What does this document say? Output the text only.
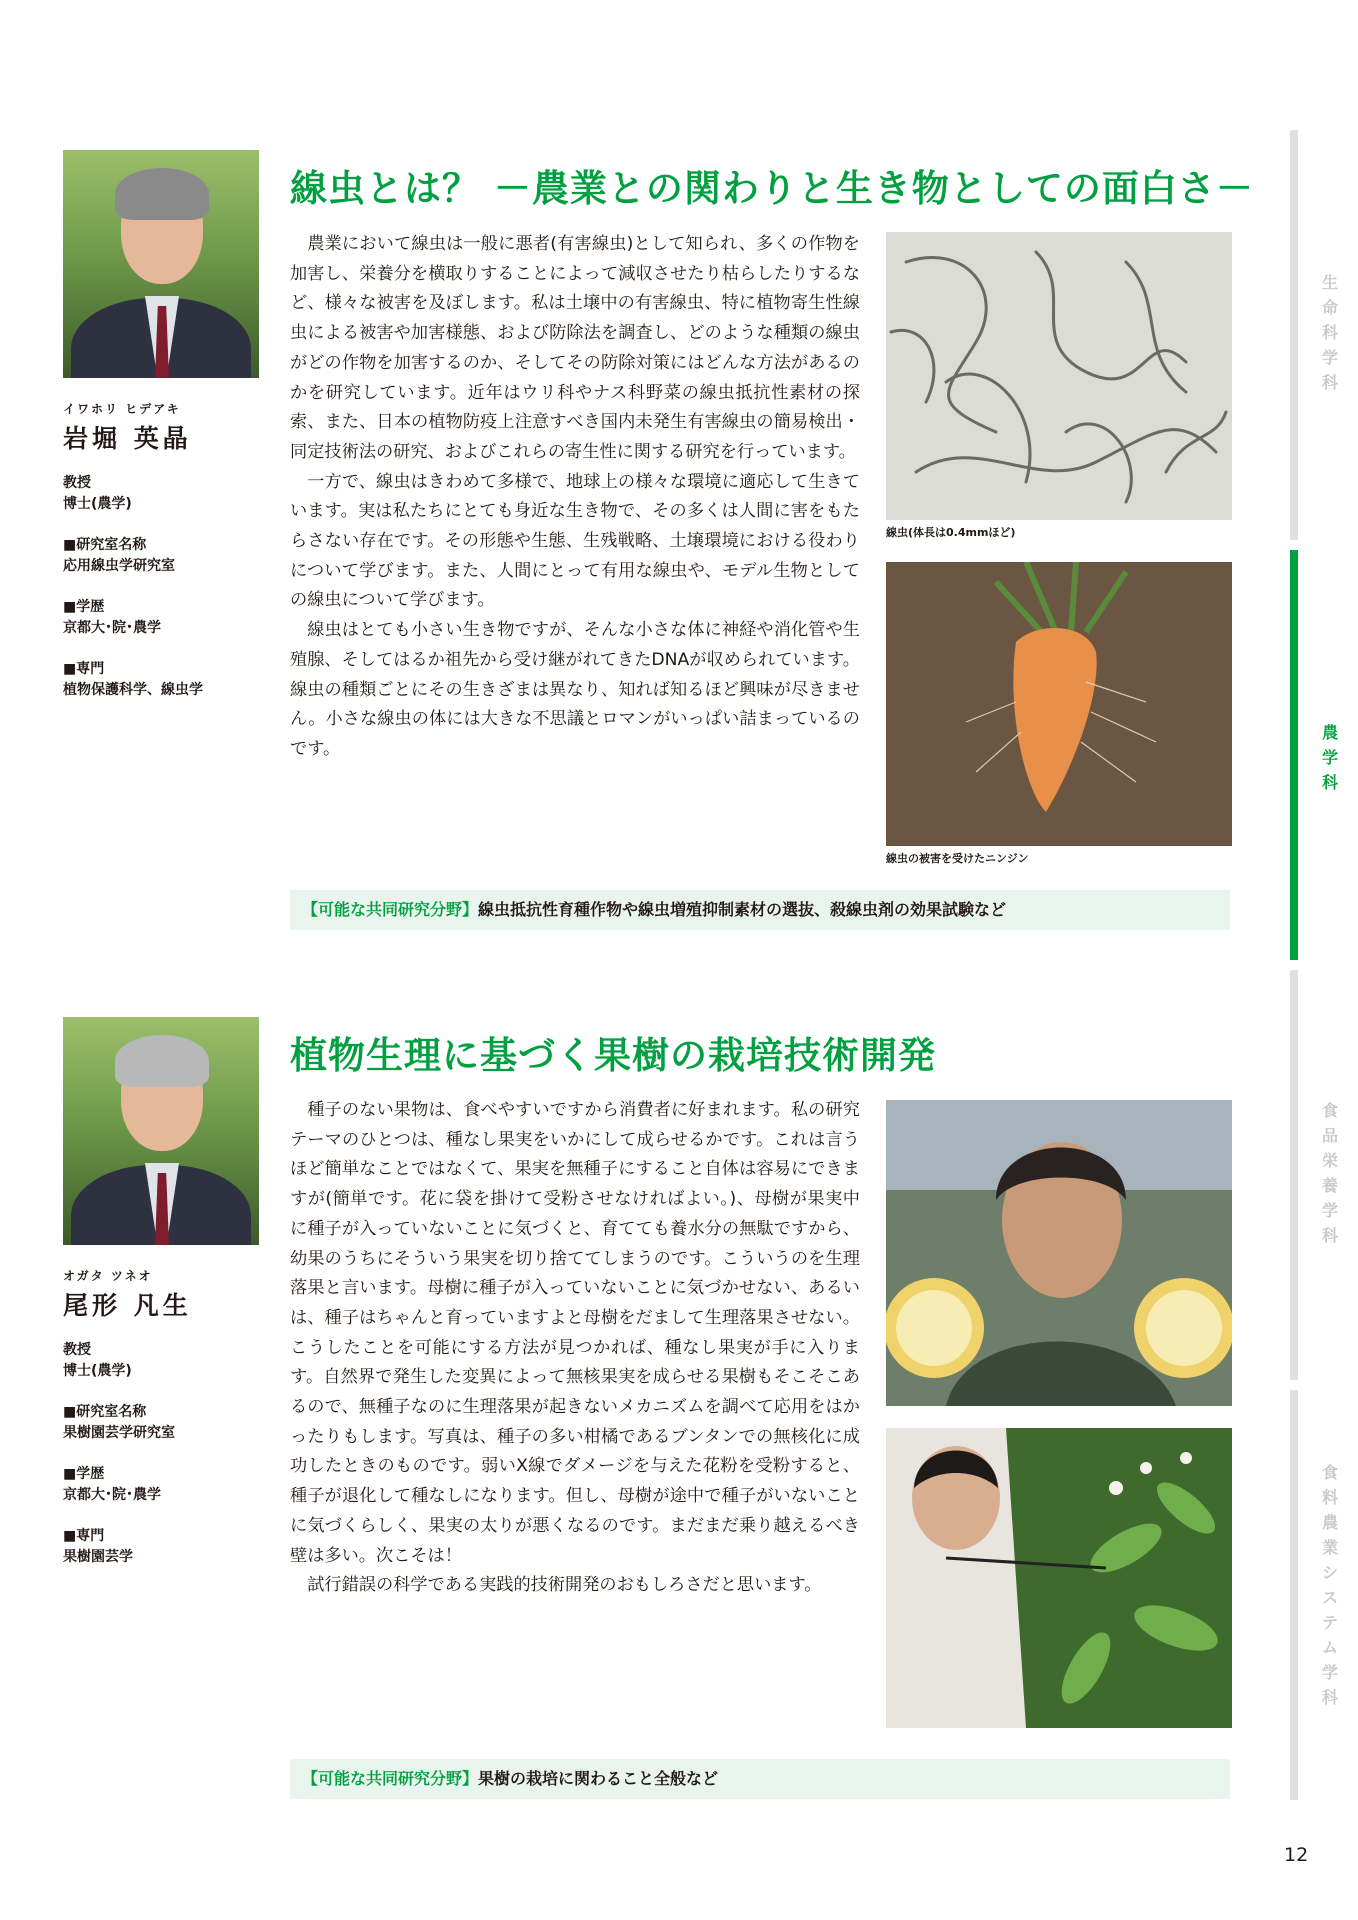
イワホリ ヒデアキ
岩堀 英晶
教授
博士(農学)
■研究室名称
応用線虫学研究室
■学歴
京都大･院･農学
■専門
植物保護科学、線虫学
線虫とは？ －農業との関わりと生き物としての面白さ－

農業において線虫は一般に悪者(有害線虫)として知られ、多くの作物を加害し、栄養分を横取りすることによって減収させたり枯らしたりするなど、様々な被害を及ぼします。私は土壌中の有害線虫、特に植物寄生性線虫による被害や加害様態、および防除法を調査し、どのような種類の線虫がどの作物を加害するのか、そしてその防除対策にはどんな方法があるのかを研究しています。近年はウリ科やナス科野菜の線虫抵抗性素材の探索、また、日本の植物防疫上注意すべき国内未発生有害線虫の簡易検出・同定技術法の研究、およびこれらの寄生性に関する研究を行っています。

一方で、線虫はきわめて多様で、地球上の様々な環境に適応して生きています。実は私たちにとても身近な生き物で、その多くは人間に害をもたらさない存在です。その形態や生態、生残戦略、土壌環境における役わりについて学びます。また、人間にとって有用な線虫や、モデル生物としての線虫について学びます。

線虫はとても小さい生き物ですが、そんな小さな体に神経や消化管や生殖腺、そしてはるか祖先から受け継がれてきたDNAが収められています。線虫の種類ごとにその生きざまは異なり、知れば知るほど興味が尽きません。小さな線虫の体には大きな不思議とロマンがいっぱい詰まっているのです。

線虫(体長は0.4mmほど)
線虫の被害を受けたニンジン
【可能な共同研究分野】線虫抵抗性育種作物や線虫増殖抑制素材の選抜、殺線虫剤の効果試験など
オガタ ツネオ
尾形 凡生
教授
博士(農学)
■研究室名称
果樹園芸学研究室
■学歴
京都大･院･農学
■専門
果樹園芸学
植物生理に基づく果樹の栽培技術開発

種子のない果物は、食べやすいですから消費者に好まれます。私の研究テーマのひとつは、種なし果実をいかにして成らせるかです。これは言うほど簡単なことではなくて、果実を無種子にすること自体は容易にできますが(簡単です。花に袋を掛けて受粉させなければよい。)、母樹が果実中に種子が入っていないことに気づくと、育てても養水分の無駄ですから、幼果のうちにそういう果実を切り捨ててしまうのです。こういうのを生理落果と言います。母樹に種子が入っていないことに気づかせない、あるいは、種子はちゃんと育っていますよと母樹をだまして生理落果させない。こうしたことを可能にする方法が見つかれば、種なし果実が手に入ります。自然界で発生した変異によって無核果実を成らせる果樹もそこそこあるので、無種子なのに生理落果が起きないメカニズムを調べて応用をはかったりもします。写真は、種子の多い柑橘であるブンタンでの無核化に成功したときのものです。弱いX線でダメージを与えた花粉を受粉すると、種子が退化して種なしになります。但し、母樹が途中で種子がいないことに気づくらしく、果実の太りが悪くなるのです。まだまだ乗り越えるべき壁は多い。次こそは！

試行錯誤の科学である実践的技術開発のおもしろさだと思います。

【可能な共同研究分野】果樹の栽培に関わること全般など
生命科学科
農学科
食品栄養学科
食料農業システム学科
12
